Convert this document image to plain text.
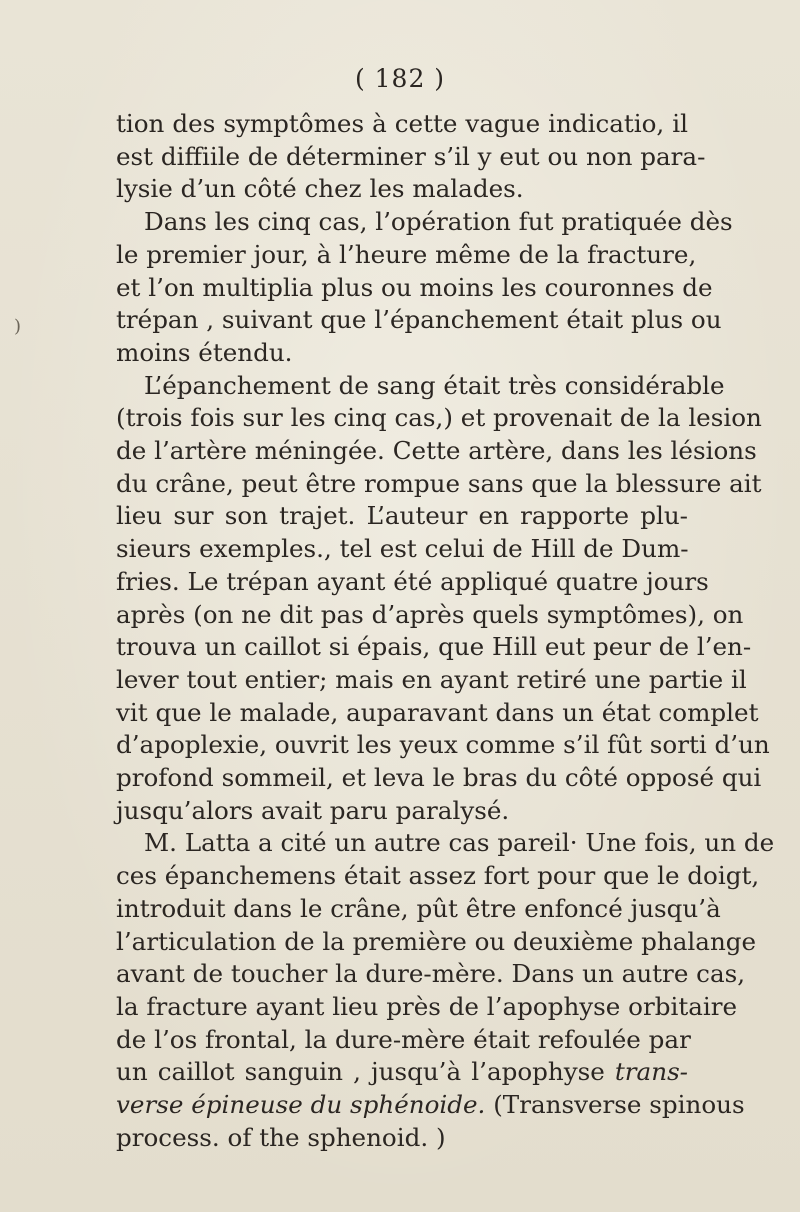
)
( 182 )
tion des symptômes à cette vague indicatio, il
est diffiile de déterminer s’il y eut ou non para-
lysie d’un côté chez les malades.
Dans les cinq cas, l’opération fut pratiquée dès
le premier jour, à l’heure même de la fracture,
et l’on multiplia plus ou moins les couronnes de
trépan , suivant que l’épanchement était plus ou
moins étendu.
L’épanchement de sang était très considérable
(trois fois sur les cinq cas,) et provenait de la lesion
de l’artère méningée. Cette artère, dans les lésions
du crâne, peut être rompue sans que la blessure ait
lieu sur son trajet. L’auteur en rapporte plu-
sieurs exemples., tel est celui de Hill de Dum-
fries. Le trépan ayant été appliqué quatre jours
après (on ne dit pas d’après quels symptômes), on
trouva un caillot si épais, que Hill eut peur de l’en-
lever tout entier; mais en ayant retiré une partie il
vit que le malade, auparavant dans un état complet
d’apoplexie, ouvrit les yeux comme s’il fût sorti d’un
profond sommeil, et leva le bras du côté opposé qui
jusqu’alors avait paru paralysé.
M. Latta a cité un autre cas pareil· Une fois, un de
ces épanchemens était assez fort pour que le doigt,
introduit dans le crâne, pût être enfoncé jusqu’à
l’articulation de la première ou deuxième phalange
avant de toucher la dure-mère. Dans un autre cas,
la fracture ayant lieu près de l’apophyse orbitaire
de l’os frontal, la dure-mère était refoulée par
un caillot sanguin , jusqu’à l’apophyse trans-
verse épineuse du sphénoide. (Transverse spinous
process. of the sphenoid. )
